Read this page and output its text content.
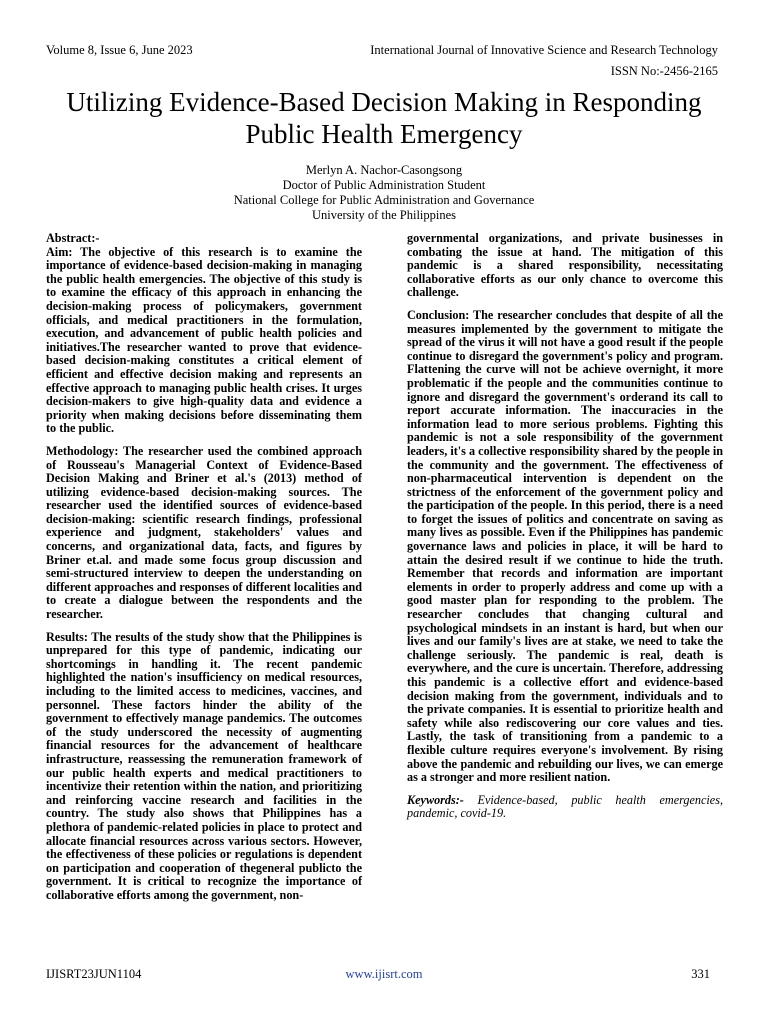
Volume 8, Issue 6, June 2023	International Journal of Innovative Science and Research Technology
ISSN No:-2456-2165
Utilizing Evidence-Based Decision Making in Responding Public Health Emergency
Merlyn A. Nachor-Casongsong
Doctor of Public Administration Student
National College for Public Administration and Governance
University of the Philippines
Abstract:-

Aim: The objective of this research is to examine the importance of evidence-based decision-making in managing the public health emergencies. The objective of this study is to examine the efficacy of this approach in enhancing the decision-making process of policymakers, government officials, and medical practitioners in the formulation, execution, and advancement of public health policies and initiatives.The researcher wanted to prove that evidence-based decision-making constitutes a critical element of efficient and effective decision making and represents an effective approach to managing public health crises. It urges decision-makers to give high-quality data and evidence a priority when making decisions before disseminating them to the public.

Methodology: The researcher used the combined approach of Rousseau's Managerial Context of Evidence-Based Decision Making and Briner et al.'s (2013) method of utilizing evidence-based decision-making sources. The researcher used the identified sources of evidence-based decision-making: scientific research findings, professional experience and judgment, stakeholders' values and concerns, and organizational data, facts, and figures by Briner et.al. and made some focus group discussion and semi-structured interview to deepen the understanding on different approaches and responses of different localities and to create a dialogue between the respondents and the researcher.

Results: The results of the study show that the Philippines is unprepared for this type of pandemic, indicating our shortcomings in handling it. The recent pandemic highlighted the nation's insufficiency on medical resources, including to the limited access to medicines, vaccines, and personnel. These factors hinder the ability of the government to effectively manage pandemics. The outcomes of the study underscored the necessity of augmenting financial resources for the advancement of healthcare infrastructure, reassessing the remuneration framework of our public health experts and medical practitioners to incentivize their retention within the nation, and prioritizing and reinforcing vaccine research and facilities in the country. The study also shows that Philippines has a plethora of pandemic-related policies in place to protect and allocate financial resources across various sectors. However, the effectiveness of these policies or regulations is dependent on participation and cooperation of thegeneral publicto the government. It is critical to recognize the importance of collaborative efforts among the government, non-

governmental organizations, and private businesses in combating the issue at hand. The mitigation of this pandemic is a shared responsibility, necessitating collaborative efforts as our only chance to overcome this challenge.

Conclusion: The researcher concludes that despite of all the measures implemented by the government to mitigate the spread of the virus it will not have a good result if the people continue to disregard the government's policy and program. Flattening the curve will not be achieve overnight, it more problematic if the people and the communities continue to ignore and disregard the government's orderand its call to report accurate information. The inaccuracies in the information lead to more serious problems. Fighting this pandemic is not a sole responsibility of the government leaders, it's a collective responsibility shared by the people in the community and the government. The effectiveness of non-pharmaceutical intervention is dependent on the strictness of the enforcement of the government policy and the participation of the people. In this period, there is a need to forget the issues of politics and concentrate on saving as many lives as possible. Even if the Philippines has pandemic governance laws and policies in place, it will be hard to attain the desired result if we continue to hide the truth. Remember that records and information are important elements in order to properly address and come up with a good master plan for responding to the problem. The researcher concludes that changing cultural and psychological mindsets in an instant is hard, but when our lives and our family's lives are at stake, we need to take the challenge seriously. The pandemic is real, death is everywhere, and the cure is uncertain. Therefore, addressing this pandemic is a collective effort and evidence-based decision making from the government, individuals and to the private companies. It is essential to prioritize health and safety while also rediscovering our core values and ties. Lastly, the task of transitioning from a pandemic to a flexible culture requires everyone's involvement. By rising above the pandemic and rebuilding our lives, we can emerge as a stronger and more resilient nation.

Keywords:- Evidence-based, public health emergencies, pandemic, covid-19.

IJISRT23JUN1104	www.ijisrt.com	331
